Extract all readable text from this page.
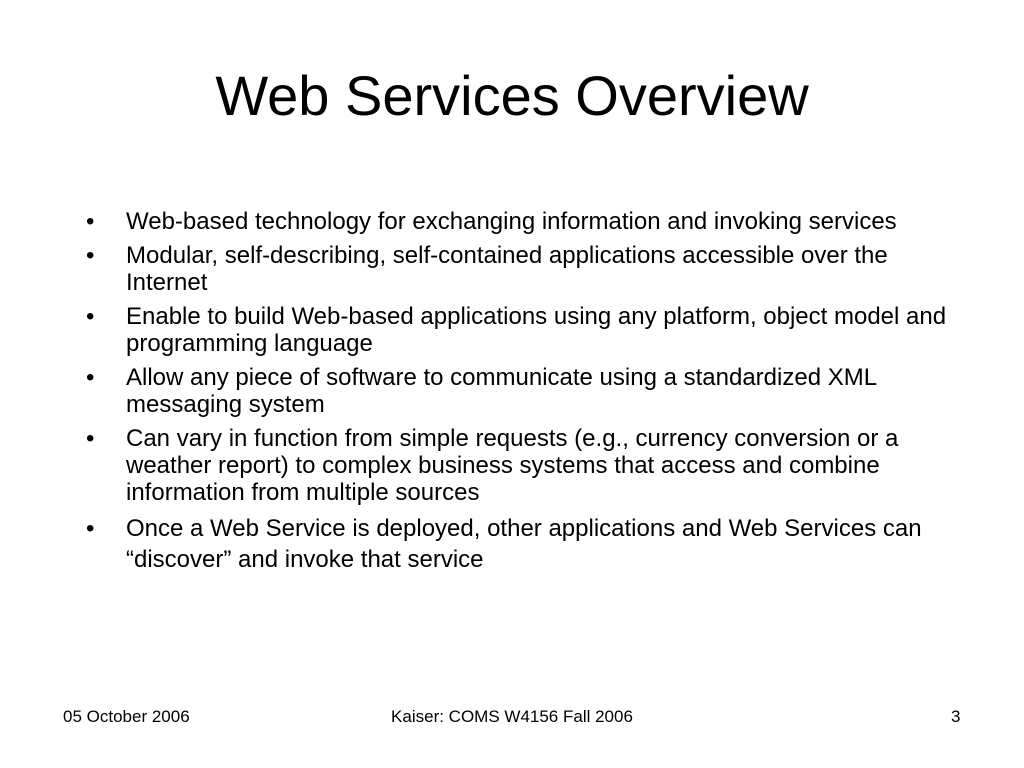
Web Services Overview
• Web-based technology for exchanging information and invoking services
• Modular, self-describing, self-contained applications accessible over the Internet
• Enable to build Web-based applications using any platform, object model and programming language
• Allow any piece of software to communicate using a standardized XML messaging system
• Can vary in function from simple requests (e.g., currency conversion or a weather report) to complex business systems that access and combine information from multiple sources
• Once a Web Service is deployed, other applications and Web Services can “discover” and invoke that service
Kaiser: COMS W4156 Fall 2006
05 October 2006	3
